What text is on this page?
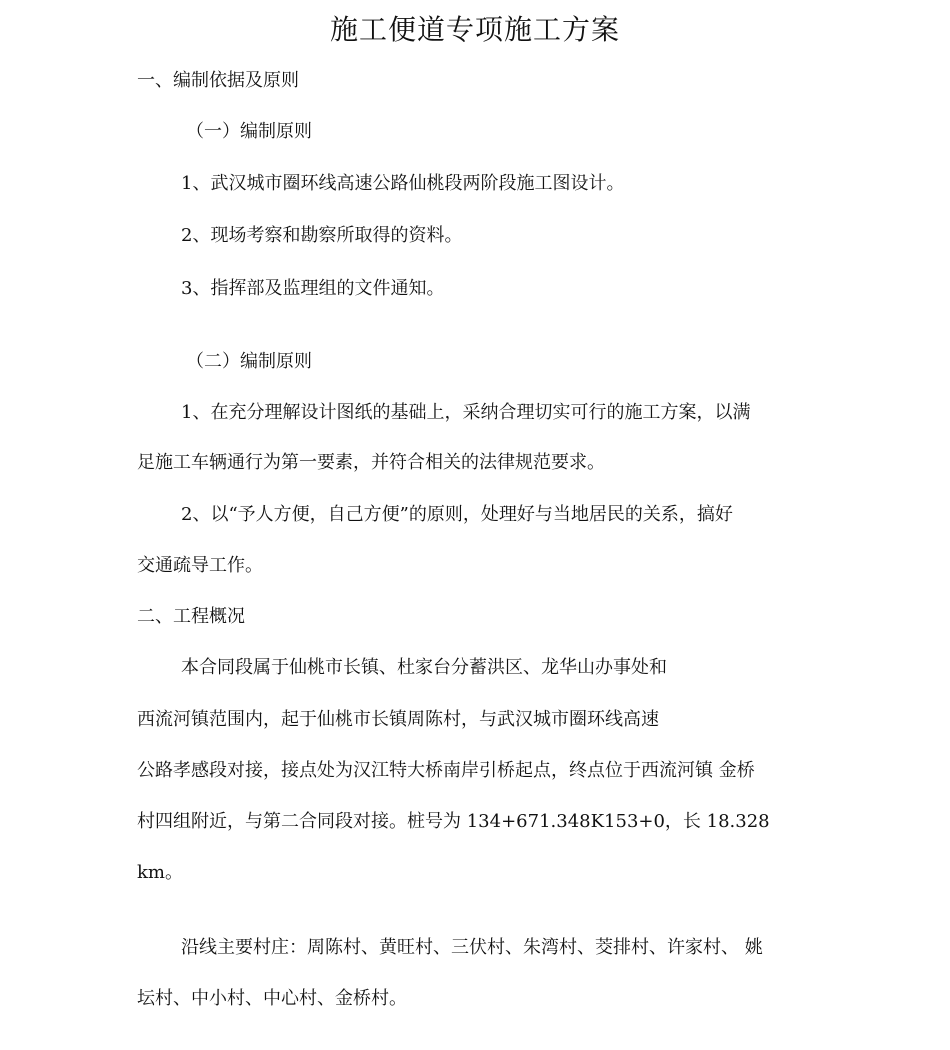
施工便道专项施工方案
一、编制依据及原则
（一）编制原则
1、武汉城市圈环线高速公路仙桃段两阶段施工图设计。
2、现场考察和勘察所取得的资料。
3、指挥部及监理组的文件通知。
（二）编制原则
1、在充分理解设计图纸的基础上，采纳合理切实可行的施工方案，以满
足施工车辆通行为第一要素，并符合相关的法律规范要求。
2、以“予人方便，自己方便”的原则，处理好与当地居民的关系，搞好
交通疏导工作。
二、工程概况
本合同段属于仙桃市长镇、杜家台分蓄洪区、龙华山办事处和
西流河镇范围内，起于仙桃市长镇周陈村，与武汉城市圈环线高速
公路孝感段对接，接点处为汉江特大桥南岸引桥起点，终点位于西流河镇 金桥
村四组附近，与第二合同段对接。桩号为 134+671.348K153+0，长 18.328
km。
沿线主要村庄：周陈村、黄旺村、三伏村、朱湾村、茭排村、许家村、 姚
坛村、中小村、中心村、金桥村。
